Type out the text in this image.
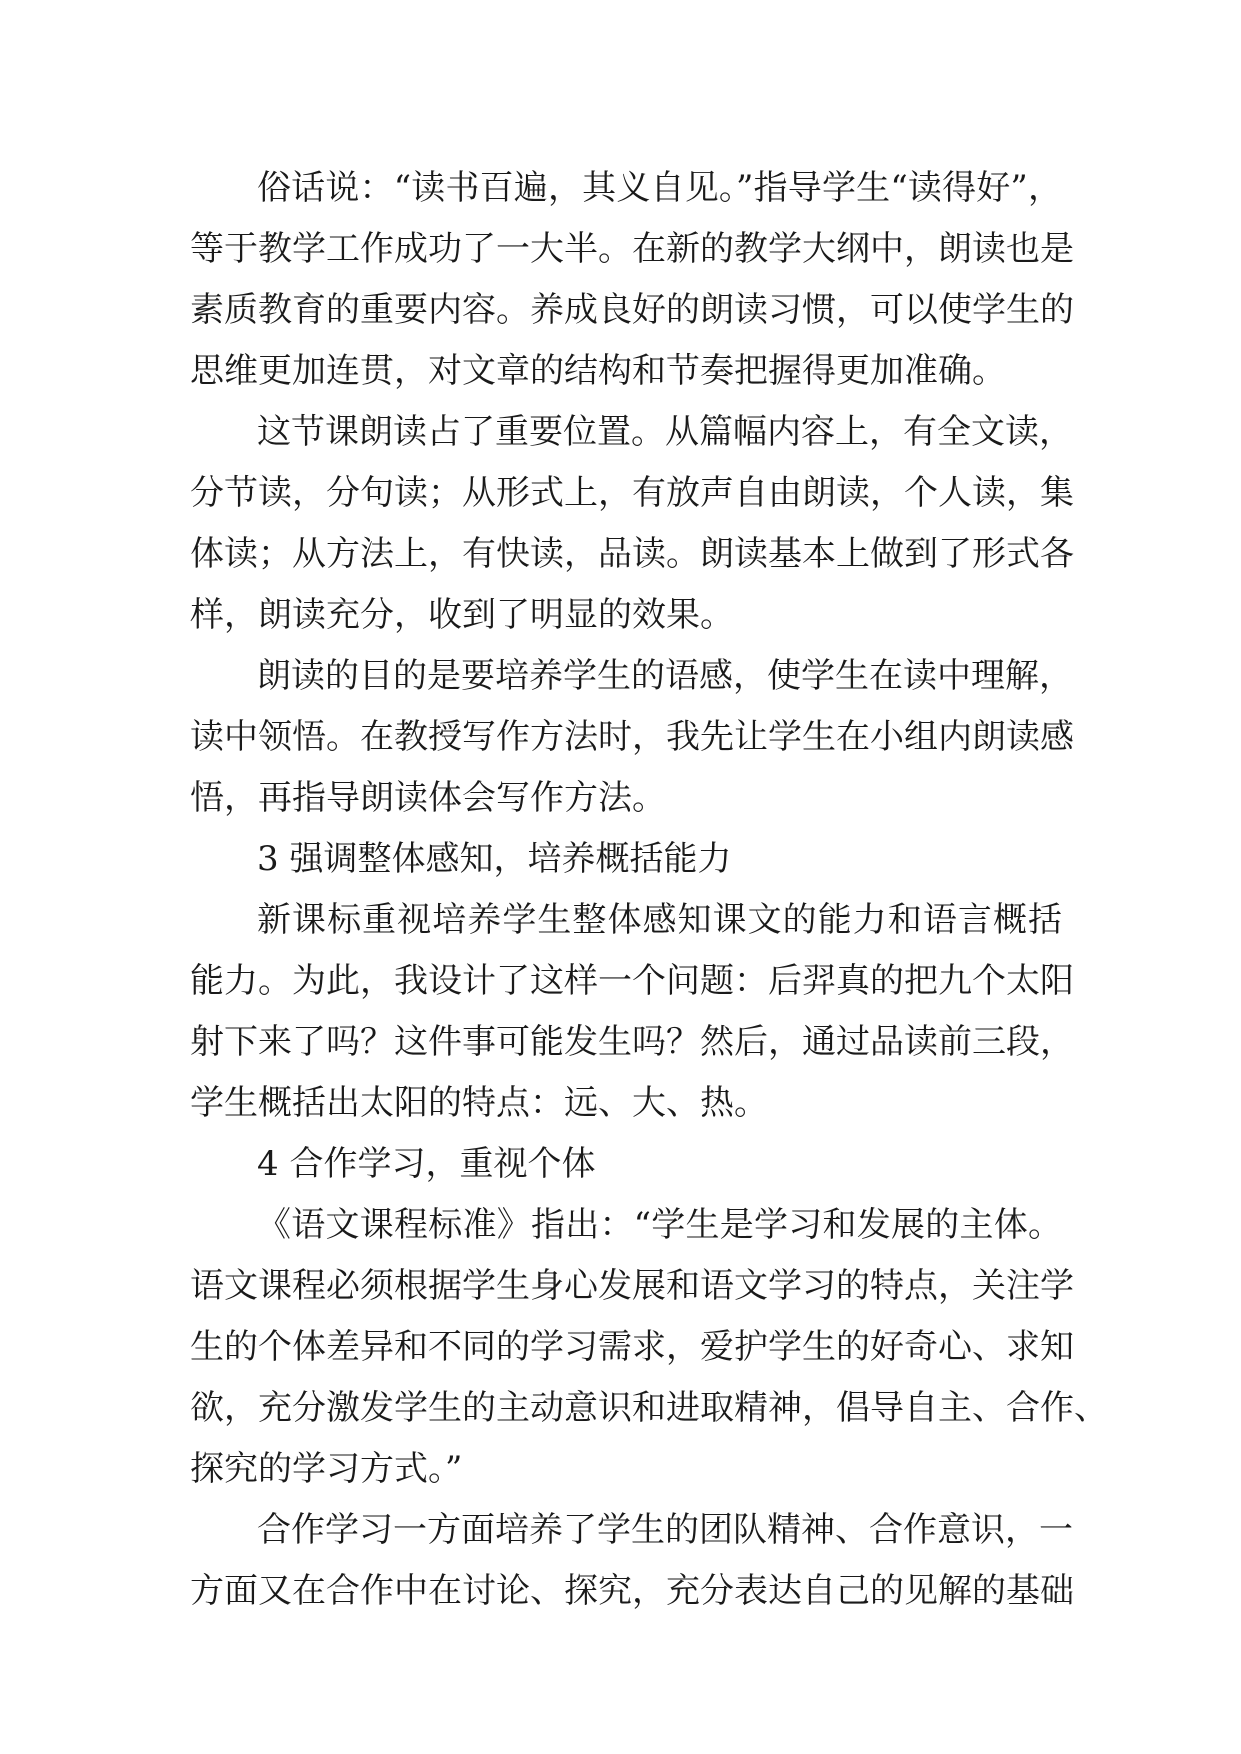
俗话说：“读书百遍，其义自见。”指导学生“读得好”，
等于教学工作成功了一大半。在新的教学大纲中，朗读也是
素质教育的重要内容。养成良好的朗读习惯，可以使学生的
思维更加连贯，对文章的结构和节奏把握得更加准确。
这节课朗读占了重要位置。从篇幅内容上，有全文读，
分节读，分句读；从形式上，有放声自由朗读，个人读，集
体读；从方法上，有快读，品读。朗读基本上做到了形式各
样，朗读充分，收到了明显的效果。
朗读的目的是要培养学生的语感，使学生在读中理解，
读中领悟。在教授写作方法时，我先让学生在小组内朗读感
悟，再指导朗读体会写作方法。
3 强调整体感知，培养概括能力
新课标重视培养学生整体感知课文的能力和语言概括
能力。为此，我设计了这样一个问题：后羿真的把九个太阳
射下来了吗？这件事可能发生吗？然后，通过品读前三段，
学生概括出太阳的特点：远、大、热。
4 合作学习，重视个体
《语文课程标准》指出：“学生是学习和发展的主体。
语文课程必须根据学生身心发展和语文学习的特点，关注学
生的个体差异和不同的学习需求，爱护学生的好奇心、求知
欲，充分激发学生的主动意识和进取精神，倡导自主、合作、
探究的学习方式。”
合作学习一方面培养了学生的团队精神、合作意识，一
方面又在合作中在讨论、探究，充分表达自己的见解的基础
